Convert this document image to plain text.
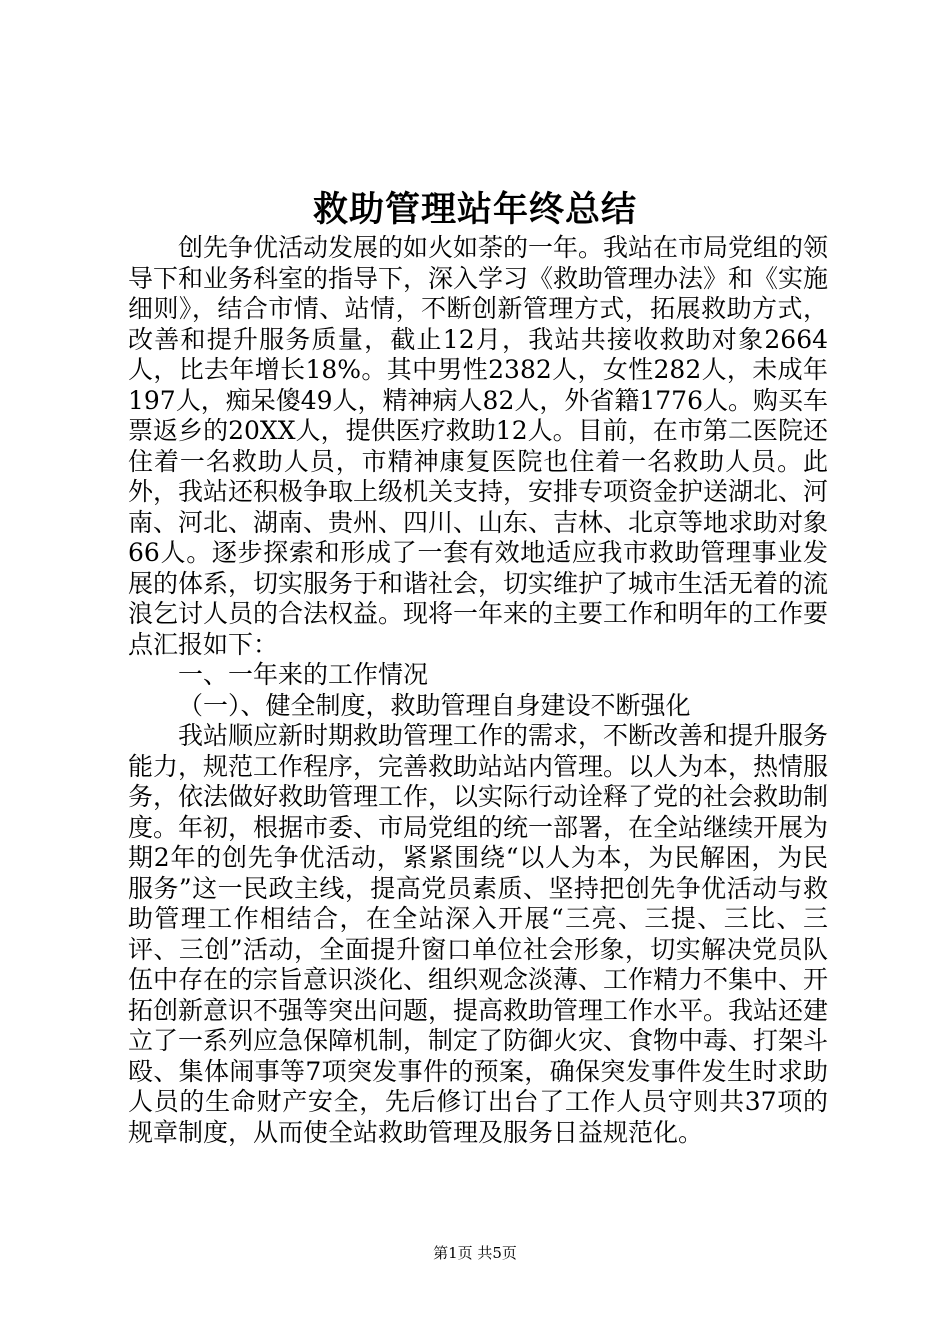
救助管理站年终总结

创先争优活动发展的如火如荼的一年。我站在市局党组的领导下和业务科室的指导下，深入学习《救助管理办法》和《实施细则》，结合市情、站情，不断创新管理方式，拓展救助方式，改善和提升服务质量，截止12月，我站共接收救助对象2664人，比去年增长18%。其中男性2382人，女性282人，未成年197人，痴呆傻49人，精神病人82人，外省籍1776人。购买车票返乡的20XX人，提供医疗救助12人。目前，在市第二医院还住着一名救助人员，市精神康复医院也住着一名救助人员。此外，我站还积极争取上级机关支持，安排专项资金护送湖北、河南、河北、湖南、贵州、四川、山东、吉林、北京等地求助对象66人。逐步探索和形成了一套有效地适应我市救助管理事业发展的体系，切实服务于和谐社会，切实维护了城市生活无着的流浪乞讨人员的合法权益。现将一年来的主要工作和明年的工作要点汇报如下：

一、一年来的工作情况

（一）、健全制度，救助管理自身建设不断强化

我站顺应新时期救助管理工作的需求，不断改善和提升服务能力，规范工作程序，完善救助站站内管理。以人为本，热情服务，依法做好救助管理工作，以实际行动诠释了党的社会救助制度。年初，根据市委、市局党组的统一部署，在全站继续开展为期2年的创先争优活动，紧紧围绕“以人为本，为民解困，为民服务”这一民政主线，提高党员素质、坚持把创先争优活动与救助管理工作相结合，在全站深入开展“三亮、三提、三比、三评、三创”活动，全面提升窗口单位社会形象，切实解决党员队伍中存在的宗旨意识淡化、组织观念淡薄、工作精力不集中、开拓创新意识不强等突出问题，提高救助管理工作水平。我站还建立了一系列应急保障机制，制定了防御火灾、食物中毒、打架斗殴、集体闹事等7项突发事件的预案，确保突发事件发生时求助人员的生命财产安全，先后修订出台了工作人员守则共37项的规章制度，从而使全站救助管理及服务日益规范化。

第1页 共5页
